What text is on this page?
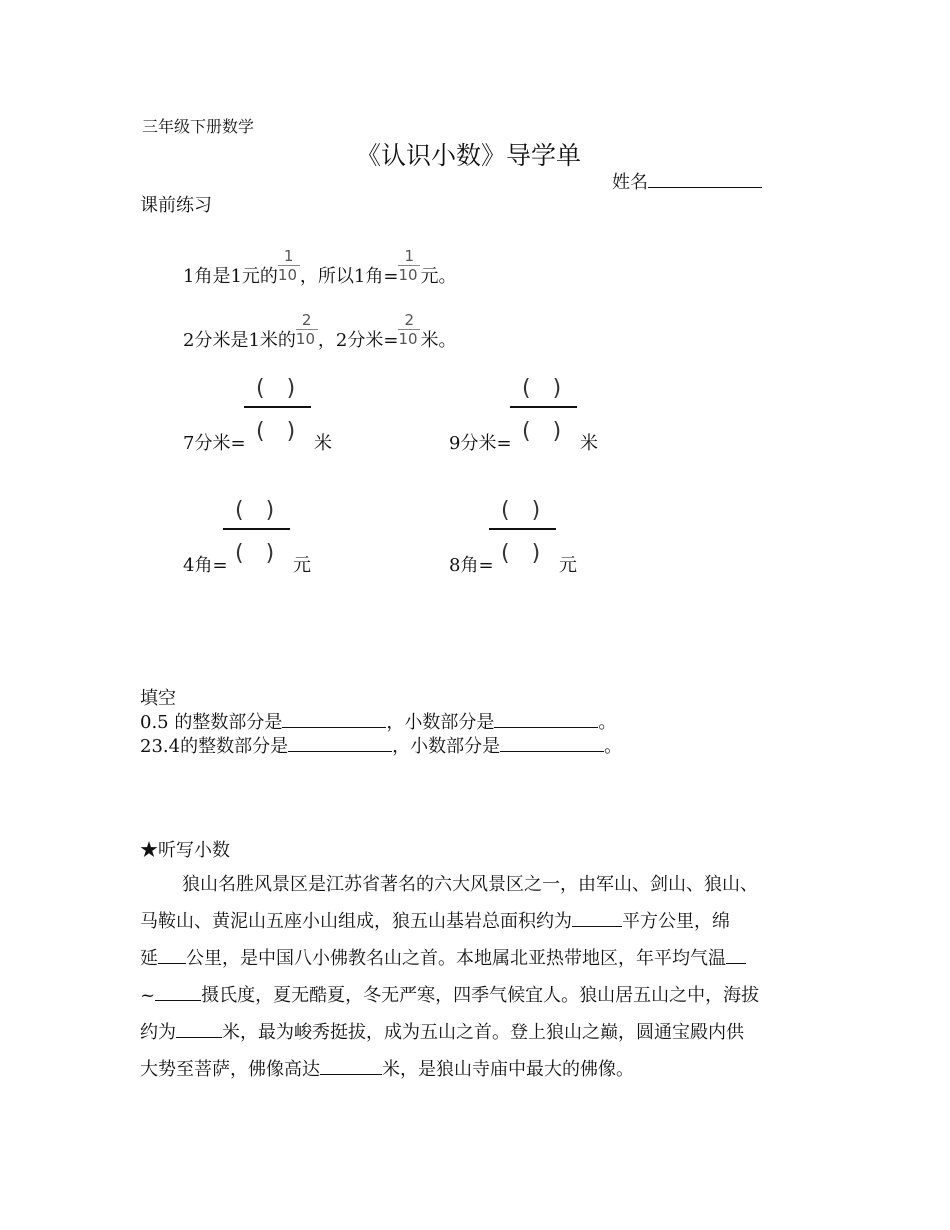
三年级下册数学
《认识小数》导学单
姓名
课前练习
1角是1元的 $\frac{1}{10}$ ，所以1角= $\frac{1}{10}$ 元。
2分米是1米的 $\frac{2}{10}$ ，2分米= $\frac{2}{10}$ 米。
(　)
(　)
7分米=	米
(　)
(　)
9分米=	米
(　)
(　)
4角=	元
(　)
(　)
8角=	元
填空
0.5 的整数部分是	，小数部分是	。
23.4的整数部分是	，小数部分是	。
★听写小数
狼山名胜风景区是江苏省著名的六大风景区之一，由军山、剑山、狼山、
马鞍山、黄泥山五座小山组成，狼五山基岩总面积约为	平方公里，绵
延 公里，是中国八小佛教名山之首。本地属北亚热带地区，年平均气温
~	摄氏度，夏无酷夏，冬无严寒，四季气候宜人。狼山居五山之中，海拔
约为	米，最为峻秀挺拔，成为五山之首。登上狼山之巅，圆通宝殿内供
大势至菩萨，佛像高达	米，是狼山寺庙中最大的佛像。
